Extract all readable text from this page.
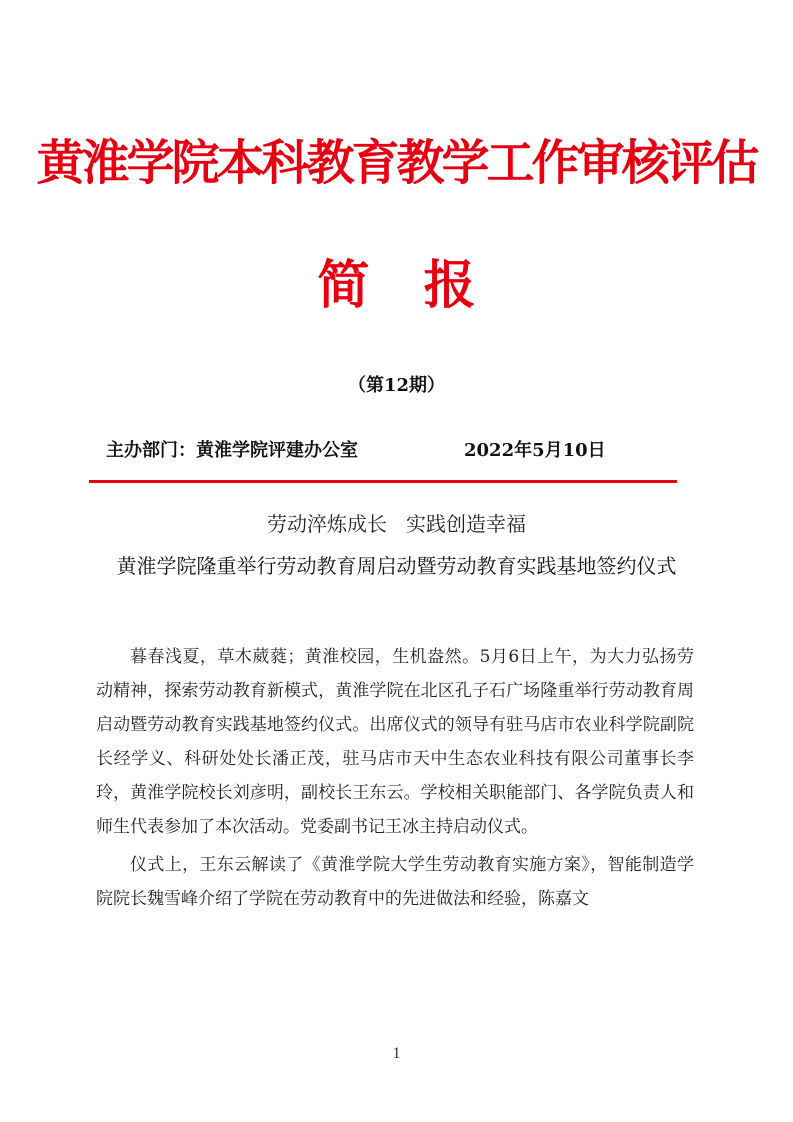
黄淮学院本科教育教学工作审核评估
简   报
（第12期）
主办部门：黄淮学院评建办公室	2022年5月10日
劳动淬炼成长   实践创造幸福
黄淮学院隆重举行劳动教育周启动暨劳动教育实践基地签约仪式

暮春浅夏，草木葳蕤；黄淮校园，生机盎然。5月6日上午，为大力弘扬劳动精神，探索劳动教育新模式，黄淮学院在北区孔子石广场隆重举行劳动教育周启动暨劳动教育实践基地签约仪式。出席仪式的领导有驻马店市农业科学院副院长经学义、科研处处长潘正茂，驻马店市天中生态农业科技有限公司董事长李玲，黄淮学院校长刘彦明，副校长王东云。学校相关职能部门、各学院负责人和师生代表参加了本次活动。党委副书记王冰主持启动仪式。

仪式上，王东云解读了《黄淮学院大学生劳动教育实施方案》，智能制造学院院长魏雪峰介绍了学院在劳动教育中的先进做法和经验，陈嘉文

1
